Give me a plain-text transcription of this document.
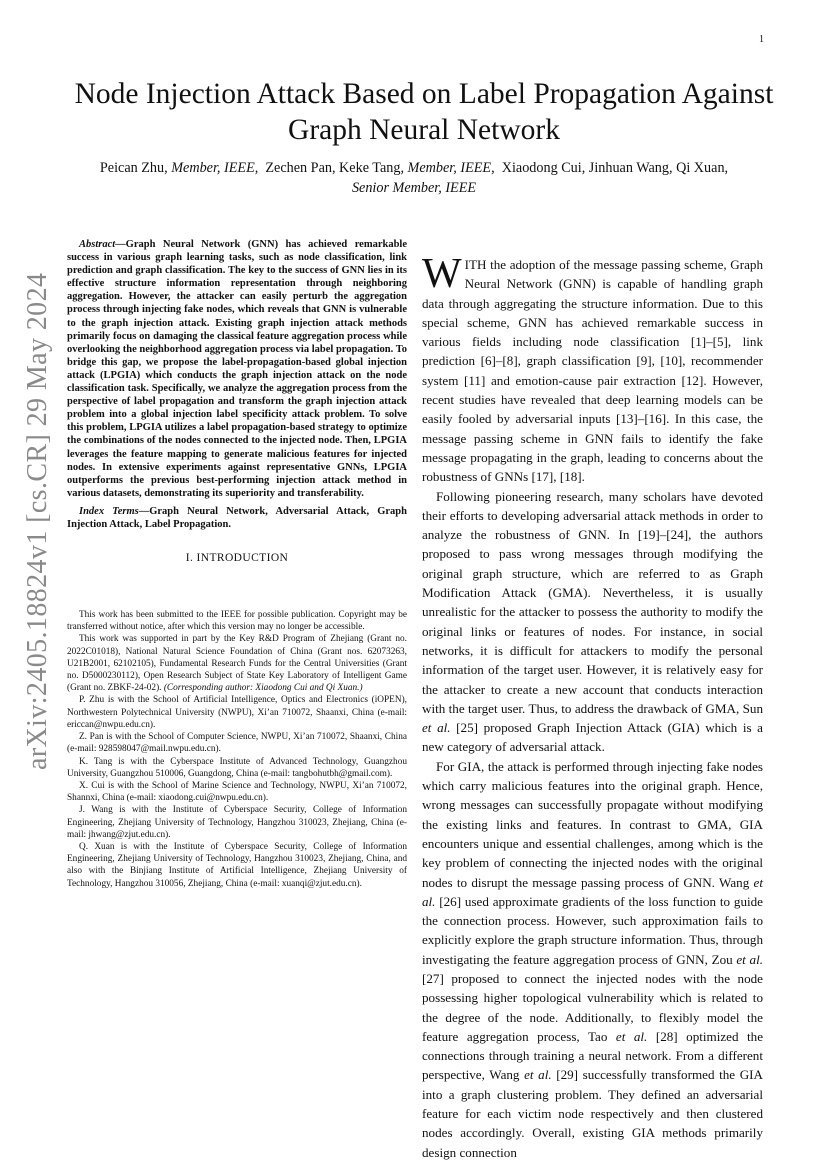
1
arXiv:2405.18824v1 [cs.CR] 29 May 2024
Node Injection Attack Based on Label Propagation Against Graph Neural Network
Peican Zhu, Member, IEEE,  Zechen Pan, Keke Tang, Member, IEEE,  Xiaodong Cui, Jinhuan Wang, Qi Xuan, Senior Member, IEEE

Abstract—Graph Neural Network (GNN) has achieved remarkable success in various graph learning tasks, such as node classification, link prediction and graph classification. The key to the success of GNN lies in its effective structure information representation through neighboring aggregation. However, the attacker can easily perturb the aggregation process through injecting fake nodes, which reveals that GNN is vulnerable to the graph injection attack. Existing graph injection attack methods primarily focus on damaging the classical feature aggregation process while overlooking the neighborhood aggregation process via label propagation. To bridge this gap, we propose the label-propagation-based global injection attack (LPGIA) which conducts the graph injection attack on the node classification task. Specifically, we analyze the aggregation process from the perspective of label propagation and transform the graph injection attack problem into a global injection label specificity attack problem. To solve this problem, LPGIA utilizes a label propagation-based strategy to optimize the combinations of the nodes connected to the injected node. Then, LPGIA leverages the feature mapping to generate malicious features for injected nodes. In extensive experiments against representative GNNs, LPGIA outperforms the previous best-performing injection attack method in various datasets, demonstrating its superiority and transferability.

Index Terms—Graph Neural Network, Adversarial Attack, Graph Injection Attack, Label Propagation.

I. INTRODUCTION

This work has been submitted to the IEEE for possible publication. Copyright may be transferred without notice, after which this version may no longer be accessible.

This work was supported in part by the Key R&D Program of Zhejiang (Grant no. 2022C01018), National Natural Science Foundation of China (Grant nos. 62073263, U21B2001, 62102105), Fundamental Research Funds for the Central Universities (Grant no. D5000230112), Open Research Subject of State Key Laboratory of Intelligent Game (Grant no. ZBKF-24-02). (Corresponding author: Xiaodong Cui and Qi Xuan.)

P. Zhu is with the School of Artificial Intelligence, Optics and Electronics (iOPEN), Northwestern Polytechnical University (NWPU), Xi’an 710072, Shaanxi, China (e-mail: ericcan@nwpu.edu.cn).

Z. Pan is with the School of Computer Science, NWPU, Xi’an 710072, Shaanxi, China (e-mail: 928598047@mail.nwpu.edu.cn).

K. Tang is with the Cyberspace Institute of Advanced Technology, Guangzhou University, Guangzhou 510006, Guangdong, China (e-mail: tangbohutbh@gmail.com).

X. Cui is with the School of Marine Science and Technology, NWPU, Xi’an 710072, Shannxi, China (e-mail: xiaodong.cui@nwpu.edu.cn).

J. Wang is with the Institute of Cyberspace Security, College of Information Engineering, Zhejiang University of Technology, Hangzhou 310023, Zhejiang, China (e-mail: jhwang@zjut.edu.cn).

Q. Xuan is with the Institute of Cyberspace Security, College of Information Engineering, Zhejiang University of Technology, Hangzhou 310023, Zhejiang, China, and also with the Binjiang Institute of Artificial Intelligence, Zhejiang University of Technology, Hangzhou 310056, Zhejiang, China (e-mail: xuanqi@zjut.edu.cn).

WITH the adoption of the message passing scheme, Graph Neural Network (GNN) is capable of handling graph data through aggregating the structure information. Due to this special scheme, GNN has achieved remarkable success in various fields including node classification [1]–[5], link prediction [6]–[8], graph classification [9], [10], recommender system [11] and emotion-cause pair extraction [12]. However, recent studies have revealed that deep learning models can be easily fooled by adversarial inputs [13]–[16]. In this case, the message passing scheme in GNN fails to identify the fake message propagating in the graph, leading to concerns about the robustness of GNNs [17], [18].

Following pioneering research, many scholars have devoted their efforts to developing adversarial attack methods in order to analyze the robustness of GNN. In [19]–[24], the authors proposed to pass wrong messages through modifying the original graph structure, which are referred to as Graph Modification Attack (GMA). Nevertheless, it is usually unrealistic for the attacker to possess the authority to modify the original links or features of nodes. For instance, in social networks, it is difficult for attackers to modify the personal information of the target user. However, it is relatively easy for the attacker to create a new account that conducts interaction with the target user. Thus, to address the drawback of GMA, Sun et al. [25] proposed Graph Injection Attack (GIA) which is a new category of adversarial attack.

For GIA, the attack is performed through injecting fake nodes which carry malicious features into the original graph. Hence, wrong messages can successfully propagate without modifying the existing links and features. In contrast to GMA, GIA encounters unique and essential challenges, among which is the key problem of connecting the injected nodes with the original nodes to disrupt the message passing process of GNN. Wang et al. [26] used approximate gradients of the loss function to guide the connection process. However, such approximation fails to explicitly explore the graph structure information. Thus, through investigating the feature aggregation process of GNN, Zou et al. [27] proposed to connect the injected nodes with the node possessing higher topological vulnerability which is related to the degree of the node. Additionally, to flexibly model the feature aggregation process, Tao et al. [28] optimized the connections through training a neural network. From a different perspective, Wang et al. [29] successfully transformed the GIA into a graph clustering problem. They defined an adversarial feature for each victim node respectively and then clustered nodes accordingly. Overall, existing GIA methods primarily design connection
